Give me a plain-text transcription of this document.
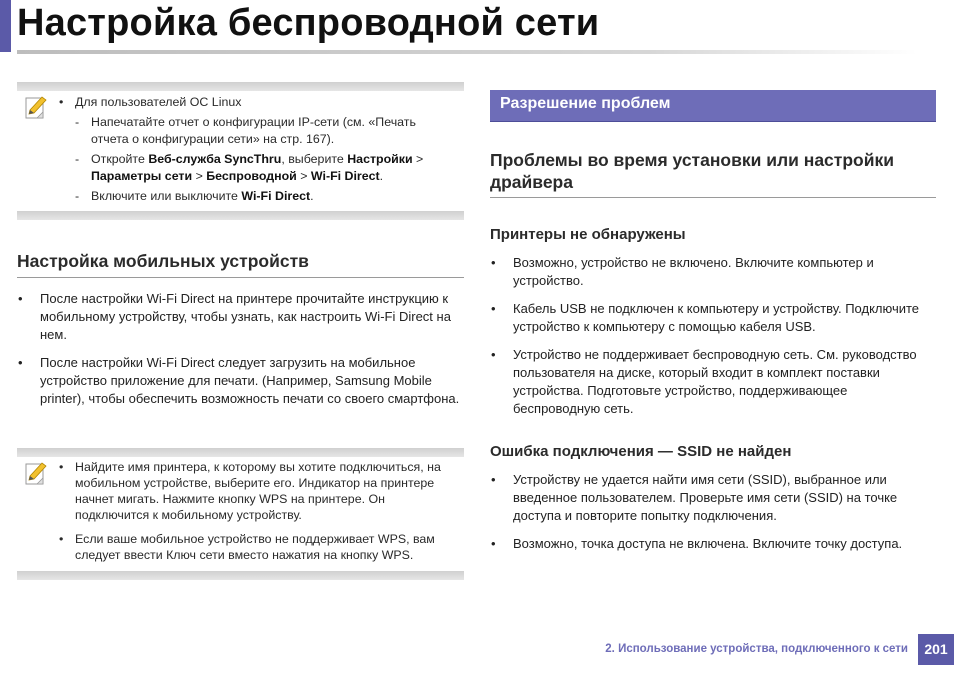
Настройка беспроводной сети
• Для пользователей ОС Linux
- Напечатайте отчет о конфигурации IP-сети (см. «Печать отчета о конфигурации сети» на стр. 167).
- Откройте Веб-служба SyncThru, выберите Настройки > Параметры сети > Беспроводной > Wi-Fi Direct.
- Включите или выключите Wi-Fi Direct.
Настройка мобильных устройств
• После настройки Wi-Fi Direct на принтере прочитайте инструкцию к мобильному устройству, чтобы узнать, как настроить Wi-Fi Direct на нем.
• После настройки Wi-Fi Direct следует загрузить на мобильное устройство приложение для печати. (Например, Samsung Mobile printer), чтобы обеспечить возможность печати со своего смартфона.
• Найдите имя принтера, к которому вы хотите подключиться, на мобильном устройстве, выберите его. Индикатор на принтере начнет мигать. Нажмите кнопку WPS на принтере. Он подключится к мобильному устройству.
• Если ваше мобильное устройство не поддерживает WPS, вам следует ввести Ключ сети вместо нажатия на кнопку WPS.
Разрешение проблем
Проблемы во время установки или настройки драйвера
Принтеры не обнаружены
• Возможно, устройство не включено. Включите компьютер и устройство.
• Кабель USB не подключен к компьютеру и устройству. Подключите устройство к компьютеру с помощью кабеля USB.
• Устройство не поддерживает беспроводную сеть. См. руководство пользователя на диске, который входит в комплект поставки устройства. Подготовьте устройство, поддерживающее беспроводную сеть.
Ошибка подключения — SSID не найден
• Устройству не удается найти имя сети (SSID), выбранное или введенное пользователем. Проверьте имя сети (SSID) на точке доступа и повторите попытку подключения.
• Возможно, точка доступа не включена. Включите точку доступа.
2. Использование устройства, подключенного к сети	201
